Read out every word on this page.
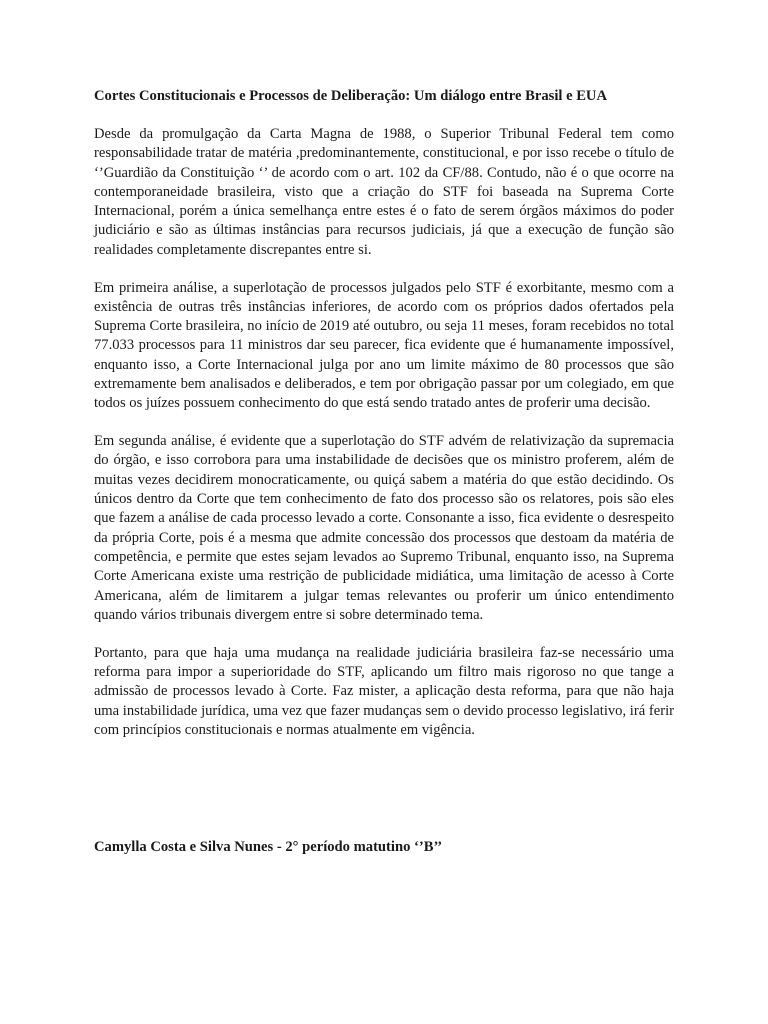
Cortes Constitucionais e Processos de Deliberação: Um diálogo entre Brasil e EUA

Desde da promulgação da Carta Magna de 1988, o Superior Tribunal Federal tem como responsabilidade tratar de matéria ,predominantemente, constitucional, e por isso recebe o título de ‘’Guardião da Constituição ‘’ de acordo com o art. 102 da CF/88. Contudo, não é o que ocorre na contemporaneidade brasileira, visto que a criação do STF foi baseada na Suprema Corte Internacional, porém a única semelhança entre estes é o fato de serem órgãos máximos do poder judiciário e são as últimas instâncias para recursos judiciais, já que a execução de função são realidades completamente discrepantes entre si.

Em primeira análise, a superlotação de processos julgados pelo STF é exorbitante, mesmo com a existência de outras três instâncias inferiores, de acordo com os próprios dados ofertados pela Suprema Corte brasileira, no início de 2019 até outubro, ou seja 11 meses, foram recebidos no total 77.033 processos para 11 ministros dar seu parecer, fica evidente que é humanamente impossível, enquanto isso, a Corte Internacional julga por ano um limite máximo de 80 processos que são extremamente bem analisados e deliberados, e tem por obrigação passar por um colegiado, em que todos os juízes possuem conhecimento do que está sendo tratado antes de proferir uma decisão.

Em segunda análise, é evidente que a superlotação do STF advém de relativização da supremacia do órgão, e isso corrobora para uma instabilidade de decisões que os ministro proferem, além de muitas vezes decidirem monocraticamente, ou quiçá sabem a matéria do que estão decidindo. Os únicos dentro da Corte que tem conhecimento de fato dos processo são os relatores, pois são eles que fazem a análise de cada processo levado a corte. Consonante a isso, fica evidente o desrespeito da própria Corte, pois é a mesma que admite concessão dos processos que destoam da matéria de competência, e permite que estes sejam levados ao Supremo Tribunal, enquanto isso, na Suprema Corte Americana existe uma restrição de publicidade midiática, uma limitação de acesso à Corte Americana, além de limitarem a julgar temas relevantes ou proferir um único entendimento quando vários tribunais divergem entre si sobre determinado tema.

Portanto, para que haja uma mudança na realidade judiciária brasileira faz-se necessário uma reforma para impor a superioridade do STF, aplicando um filtro mais rigoroso no que tange a admissão de processos levado à Corte. Faz mister, a aplicação desta reforma, para que não haja uma instabilidade jurídica, uma vez que fazer mudanças sem o devido processo legislativo, irá ferir com princípios constitucionais e normas atualmente em vigência.

Camylla Costa e Silva Nunes - 2° período matutino ‘’B’’
